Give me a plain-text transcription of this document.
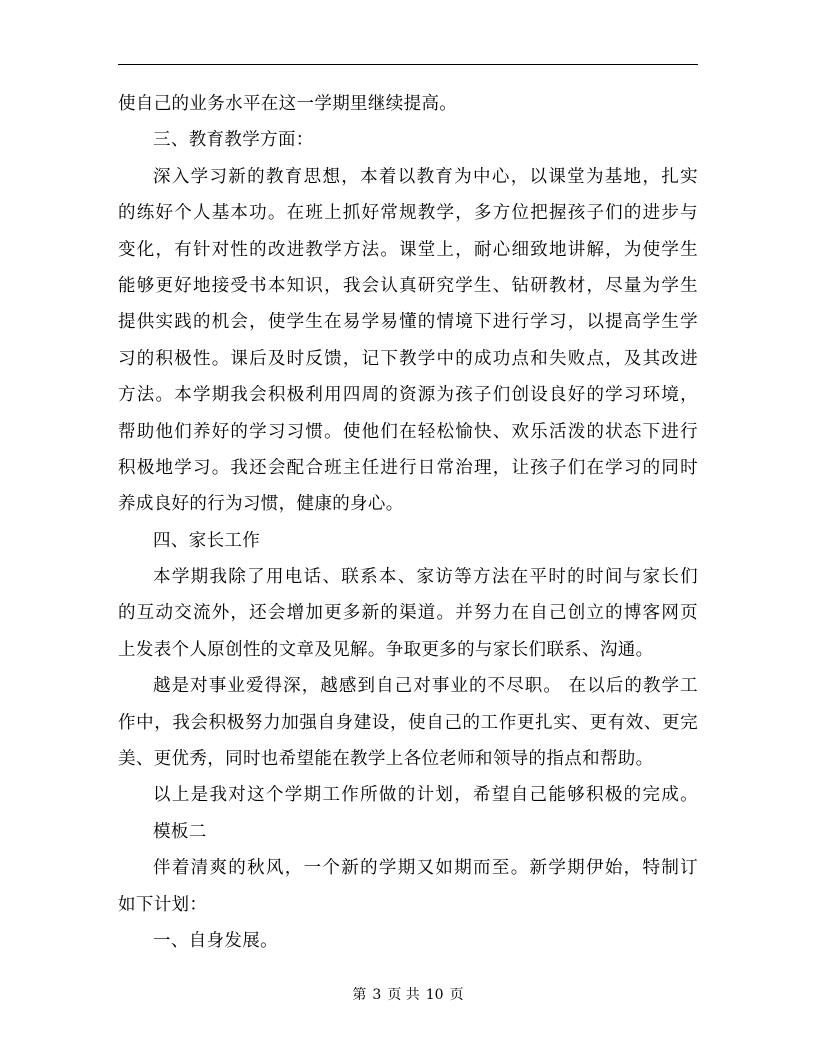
使自己的业务水平在这一学期里继续提高。
三、教育教学方面：
深入学习新的教育思想，本着以教育为中心，以课堂为基地，扎实
的练好个人基本功。在班上抓好常规教学，多方位把握孩子们的进步与
变化，有针对性的改进教学方法。课堂上，耐心细致地讲解，为使学生
能够更好地接受书本知识，我会认真研究学生、钻研教材，尽量为学生
提供实践的机会，使学生在易学易懂的情境下进行学习，以提高学生学
习的积极性。课后及时反馈，记下教学中的成功点和失败点，及其改进
方法。本学期我会积极利用四周的资源为孩子们创设良好的学习环境，
帮助他们养好的学习习惯。使他们在轻松愉快、欢乐活泼的状态下进行
积极地学习。我还会配合班主任进行日常治理，让孩子们在学习的同时
养成良好的行为习惯，健康的身心。
四、家长工作
本学期我除了用电话、联系本、家访等方法在平时的时间与家长们
的互动交流外，还会增加更多新的渠道。并努力在自己创立的博客网页
上发表个人原创性的文章及见解。争取更多的与家长们联系、沟通。
越是对事业爱得深，越感到自己对事业的不尽职。 在以后的教学工
作中，我会积极努力加强自身建设，使自己的工作更扎实、更有效、更完
美、更优秀，同时也希望能在教学上各位老师和领导的指点和帮助。
以上是我对这个学期工作所做的计划，希望自己能够积极的完成。
模板二
伴着清爽的秋风，一个新的学期又如期而至。新学期伊始，特制订
如下计划：
一、自身发展。
第 3 页 共 10 页
